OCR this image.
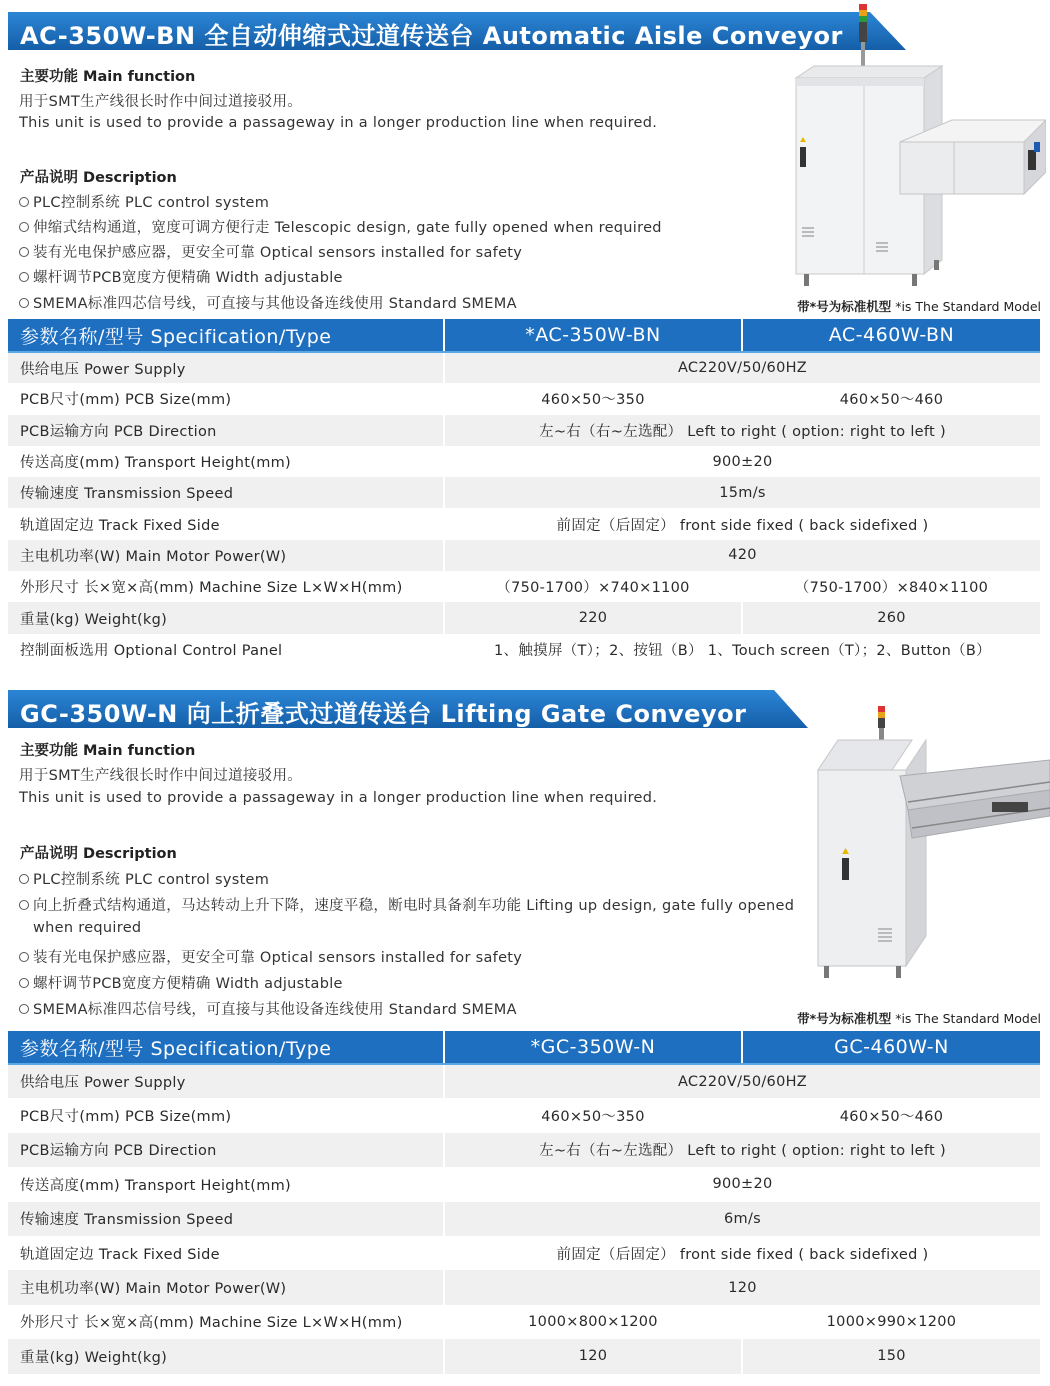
AC-350W-BN 全自动伸缩式过道传送台 Automatic Aisle Conveyor
主要功能 Main function
用于SMT生产线很长时作中间过道接驳用。
This unit is used to provide a passageway in a longer production line when required.
产品说明 Description
PLC控制系统 PLC control system
伸缩式结构通道，宽度可调方便行走 Telescopic design, gate fully opened when required
装有光电保护感应器，更安全可靠 Optical sensors installed for safety
螺杆调节PCB宽度方便精确 Width adjustable
SMEMA标准四芯信号线，可直接与其他设备连线使用 Standard SMEMA	带*号为标准机型 *is The Standard Model
参数名称/型号 Specification/Type	*AC-350W-BN	AC-460W-BN
供给电压 Power Supply	AC220V/50/60HZ	
PCB尺寸(mm) PCB Size(mm)	460×50～350	460×50～460
PCB运输方向 PCB Direction	左~右（右~左选配） Left to right ( option: right to left )	
传送高度(mm) Transport Height(mm)	900±20	
传输速度 Transmission Speed	15m/s	
轨道固定边 Track Fixed Side	前固定（后固定） front side fixed ( back sidefixed )	
主电机功率(W) Main Motor Power(W)	420	
外形尺寸 长×宽×高(mm) Machine Size L×W×H(mm)	（750-1700）×740×1100	（750-1700）×840×1100
重量(kg) Weight(kg)	220	260
控制面板选用 Optional Control Panel	1、触摸屏（T）；2、按钮（B） 1、Touch screen（T）；2、Button（B）	
GC-350W-N 向上折叠式过道传送台 Lifting Gate Conveyor
主要功能 Main function
用于SMT生产线很长时作中间过道接驳用。
This unit is used to provide a passageway in a longer production line when required.
产品说明 Description
PLC控制系统 PLC control system
向上折叠式结构通道，马达转动上升下降，速度平稳，断电时具备刹车功能 Lifting up design, gate fully opened
when required
装有光电保护感应器，更安全可靠 Optical sensors installed for safety
螺杆调节PCB宽度方便精确 Width adjustable
SMEMA标准四芯信号线，可直接与其他设备连线使用 Standard SMEMA
带*号为标准机型 *is The Standard Model
参数名称/型号 Specification/Type	*GC-350W-N	GC-460W-N
供给电压 Power Supply	AC220V/50/60HZ	
PCB尺寸(mm) PCB Size(mm)	460×50～350	460×50～460
PCB运输方向 PCB Direction	左~右（右~左选配） Left to right ( option: right to left )	
传送高度(mm) Transport Height(mm)	900±20	
传输速度 Transmission Speed	6m/s	
轨道固定边 Track Fixed Side	前固定（后固定） front side fixed ( back sidefixed )	
主电机功率(W) Main Motor Power(W)	120	
外形尺寸 长×宽×高(mm) Machine Size L×W×H(mm)	1000×800×1200	1000×990×1200
重量(kg) Weight(kg)	120	150
